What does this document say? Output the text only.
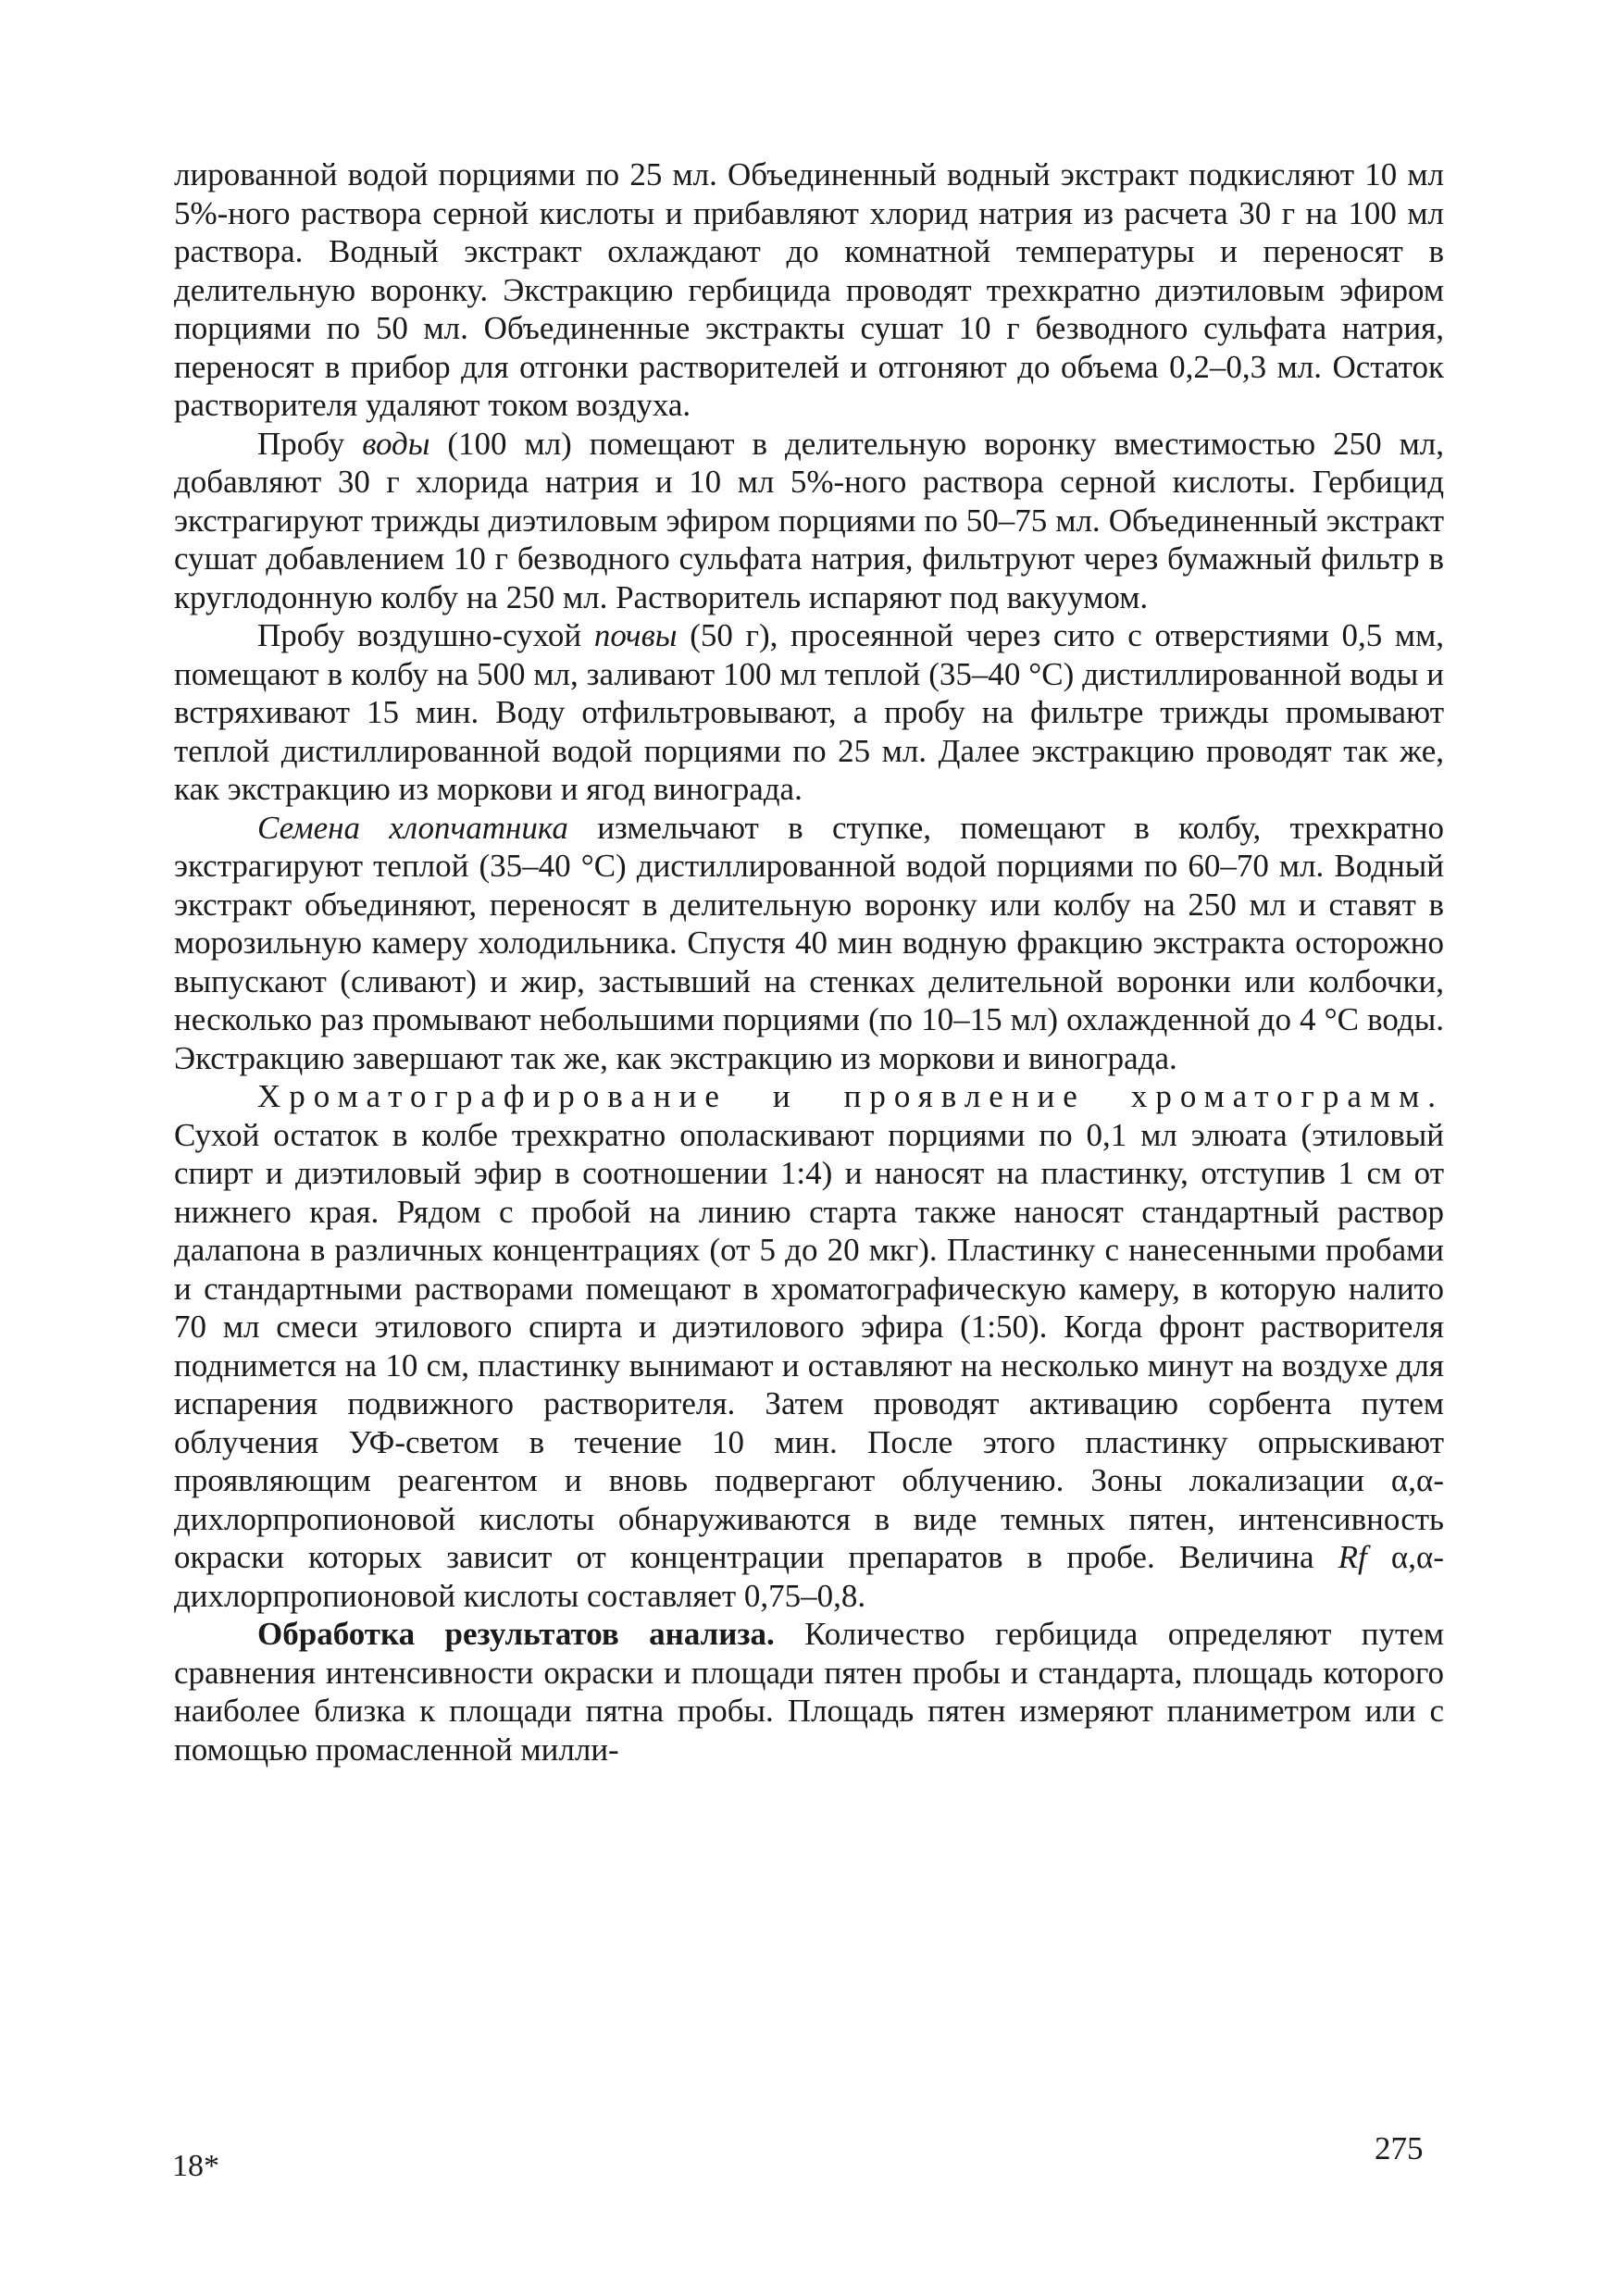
лированной водой порциями по 25 мл. Объединенный водный экстракт подкисляют 10 мл 5%-ного раствора серной кислоты и прибавляют хлорид натрия из расчета 30 г на 100 мл раствора. Водный экстракт охлаждают до комнатной температуры и переносят в делительную воронку. Экстракцию гербицида проводят трехкратно диэтиловым эфиром порциями по 50 мл. Объединенные экстракты сушат 10 г безводного сульфата натрия, переносят в прибор для отгонки растворителей и отгоняют до объема 0,2–0,3 мл. Остаток растворителя удаляют током воздуха.

Пробу воды (100 мл) помещают в делительную воронку вместимостью 250 мл, добавляют 30 г хлорида натрия и 10 мл 5%-ного раствора серной кислоты. Гербицид экстрагируют трижды диэтиловым эфиром порциями по 50–75 мл. Объединенный экстракт сушат добавлением 10 г безводного сульфата натрия, фильтруют через бумажный фильтр в круглодонную колбу на 250 мл. Растворитель испаряют под вакуумом.

Пробу воздушно-сухой почвы (50 г), просеянной через сито с отверстиями 0,5 мм, помещают в колбу на 500 мл, заливают 100 мл теплой (35–40 °С) дистиллированной воды и встряхивают 15 мин. Воду отфильтровывают, а пробу на фильтре трижды промывают теплой дистиллированной водой порциями по 25 мл. Далее экстракцию проводят так же, как экстракцию из моркови и ягод винограда.

Семена хлопчатника измельчают в ступке, помещают в колбу, трехкратно экстрагируют теплой (35–40 °С) дистиллированной водой порциями по 60–70 мл. Водный экстракт объединяют, переносят в делительную воронку или колбу на 250 мл и ставят в морозильную камеру холодильника. Спустя 40 мин водную фракцию экстракта осторожно выпускают (сливают) и жир, застывший на стенках делительной воронки или колбочки, несколько раз промывают небольшими порциями (по 10–15 мл) охлажденной до 4 °С воды. Экстракцию завершают так же, как экстракцию из моркови и винограда.

Хроматографирование и проявление хроматограмм. Сухой остаток в колбе трехкратно ополаскивают порциями по 0,1 мл элюата (этиловый спирт и диэтиловый эфир в соотношении 1:4) и наносят на пластинку, отступив 1 см от нижнего края. Рядом с пробой на линию старта также наносят стандартный раствор далапона в различных концентрациях (от 5 до 20 мкг). Пластинку с нанесенными пробами и стандартными растворами помещают в хроматографическую камеру, в которую налито 70 мл смеси этилового спирта и диэтилового эфира (1:50). Когда фронт растворителя поднимется на 10 см, пластинку вынимают и оставляют на несколько минут на воздухе для испарения подвижного растворителя. Затем проводят активацию сорбента путем облучения УФ-светом в течение 10 мин. После этого пластинку опрыскивают проявляющим реагентом и вновь подвергают облучению. Зоны локализации α,α-дихлорпропионовой кислоты обнаруживаются в виде темных пятен, интенсивность окраски которых зависит от концентрации препаратов в пробе. Величина Rf α,α-дихлорпропионовой кислоты составляет 0,75–0,8.

Обработка результатов анализа. Количество гербицида определяют путем сравнения интенсивности окраски и площади пятен пробы и стандарта, площадь которого наиболее близка к площади пятна пробы. Площадь пятен измеряют планиметром или с помощью промасленной милли-

18*	275
